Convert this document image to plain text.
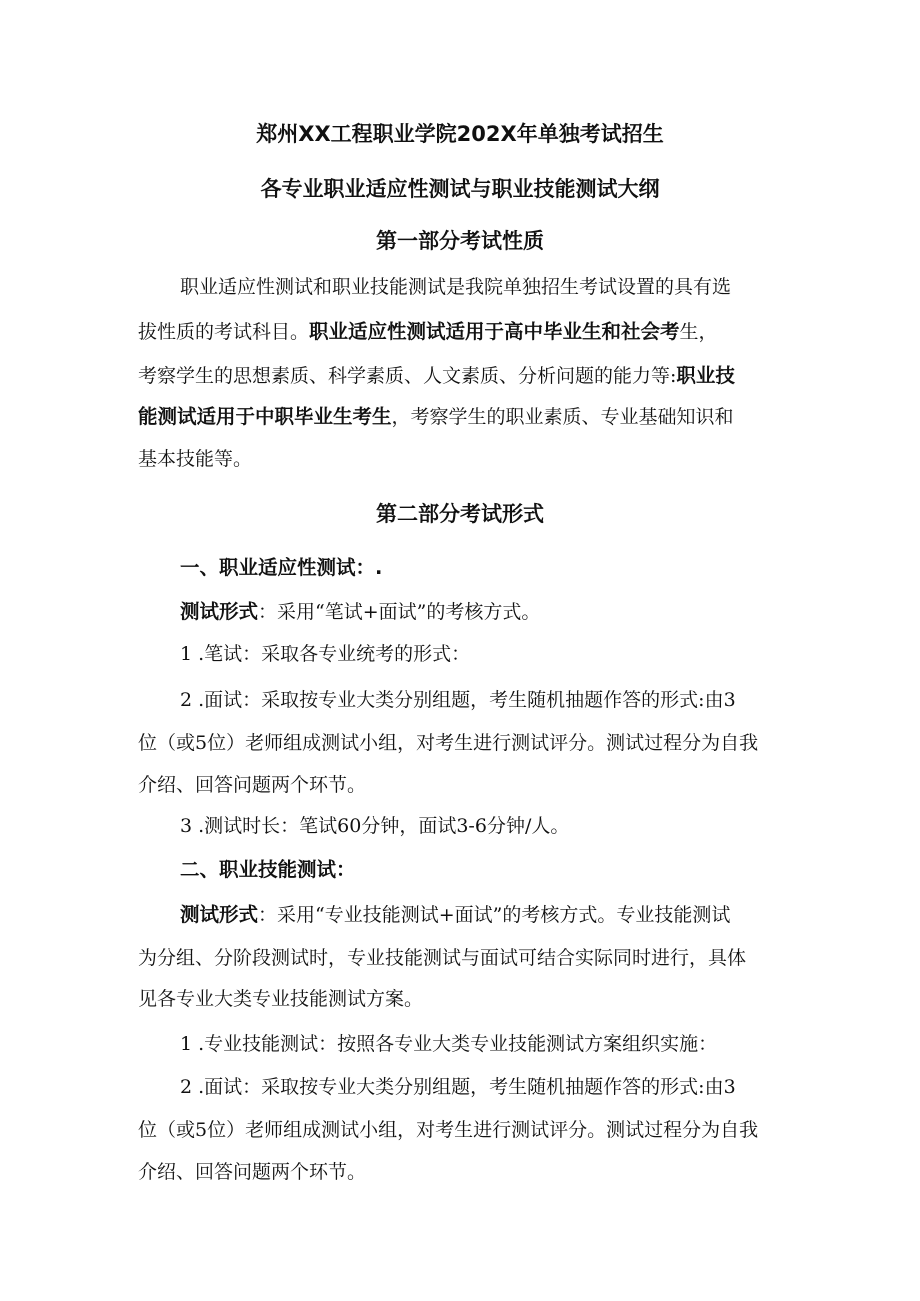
郑州XX工程职业学院202X年单独考试招生
各专业职业适应性测试与职业技能测试大纲
第一部分考试性质
职业适应性测试和职业技能测试是我院单独招生考试设置的具有选
拔性质的考试科目。职业适应性测试适用于高中毕业生和社会考生，
考察学生的思想素质、科学素质、人文素质、分析问题的能力等:职业技
能测试适用于中职毕业生考生，考察学生的职业素质、专业基础知识和
基本技能等。
第二部分考试形式
一、职业适应性测试：.
测试形式：采用“笔试+面试”的考核方式。
1 .笔试：采取各专业统考的形式：
2 .面试：采取按专业大类分别组题，考生随机抽题作答的形式:由3
位（或5位）老师组成测试小组，对考生进行测试评分。测试过程分为自我
介绍、回答问题两个环节。
3 .测试时长：笔试60分钟，面试3-6分钟/人。
二、职业技能测试：
测试形式：采用“专业技能测试+面试”的考核方式。专业技能测试
为分组、分阶段测试时，专业技能测试与面试可结合实际同时进行，具体
见各专业大类专业技能测试方案。
1 .专业技能测试：按照各专业大类专业技能测试方案组织实施：
2 .面试：采取按专业大类分别组题，考生随机抽题作答的形式:由3
位（或5位）老师组成测试小组，对考生进行测试评分。测试过程分为自我
介绍、回答问题两个环节。
